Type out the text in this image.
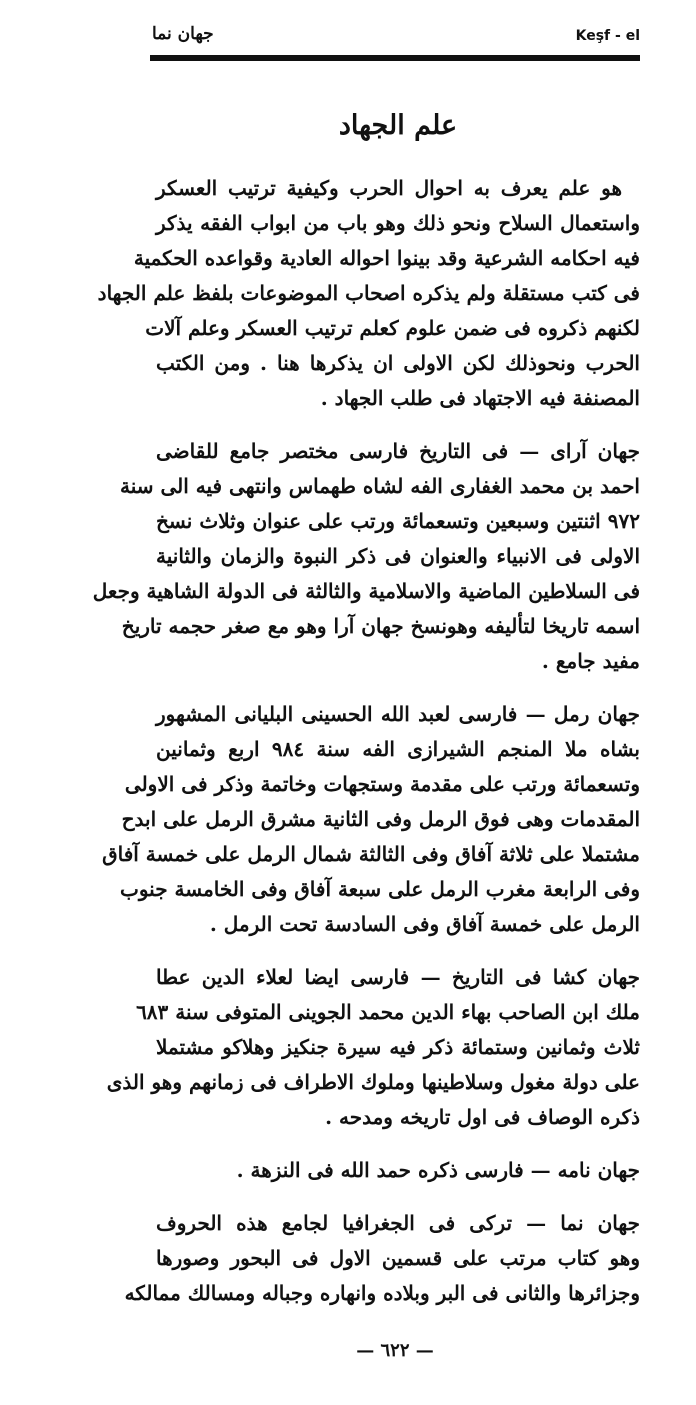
جهان نما	Keşf - el
علم الجهاد
هو علم يعرف به احوال الحرب وكيفية ترتيب العسكر
واستعمال السلاح ونحو ذلك وهو باب من ابواب الفقه يذكر
فيه احكامه الشرعية وقد بينوا احواله العادية وقواعده الحكمية
فى كتب مستقلة ولم يذكره اصحاب الموضوعات بلفظ علم الجهاد
لكنهم ذكروه فى ضمن علوم كعلم ترتيب العسكر وعلم آلات
الحرب ونحوذلك لكن الاولى ان يذكرها هنا . ومن الكتب
المصنفة فيه الاجتهاد فى طلب الجهاد .
جهان آراى — فى التاريخ فارسى مختصر جامع للقاضى
احمد بن محمد الغفارى الفه لشاه طهماس وانتهى فيه الى سنة
٩٧٢ اثنتين وسبعين وتسعمائة ورتب على عنوان وثلاث نسخ
الاولى فى الانبياء والعنوان فى ذكر النبوة والزمان والثانية
فى السلاطين الماضية والاسلامية والثالثة فى الدولة الشاهية وجعل
اسمه تاريخا لتأليفه وهونسخ جهان آرا وهو مع صغر حجمه تاريخ
مفيد جامع .
جهان رمل — فارسى لعبد الله الحسينى البليانى المشهور
بشاه ملا المنجم الشيرازى الفه سنة ٩٨٤ اربع وثمانين
وتسعمائة ورتب على مقدمة وستجهات وخاتمة وذكر فى الاولى
المقدمات وهى فوق الرمل وفى الثانية مشرق الرمل على ابدح
مشتملا على ثلاثة آفاق وفى الثالثة شمال الرمل على خمسة آفاق
وفى الرابعة مغرب الرمل على سبعة آفاق وفى الخامسة جنوب
الرمل على خمسة آفاق وفى السادسة تحت الرمل .
جهان كشا فى التاريخ — فارسى ايضا لعلاء الدين عطا
ملك ابن الصاحب بهاء الدين محمد الجوينى المتوفى سنة ٦٨٣
ثلاث وثمانين وستمائة ذكر فيه سيرة جنكيز وهلاكو مشتملا
على دولة مغول وسلاطينها وملوك الاطراف فى زمانهم وهو الذى
ذكره الوصاف فى اول تاريخه ومدحه .
جهان نامه — فارسى ذكره حمد الله فى النزهة .
جهان نما — تركى فى الجغرافيا لجامع هذه الحروف
وهو كتاب مرتب على قسمين الاول فى البحور وصورها
وجزائرها والثانى فى البر وبلاده وانهاره وجباله ومسالك ممالكه
— ٦٢٢ —
